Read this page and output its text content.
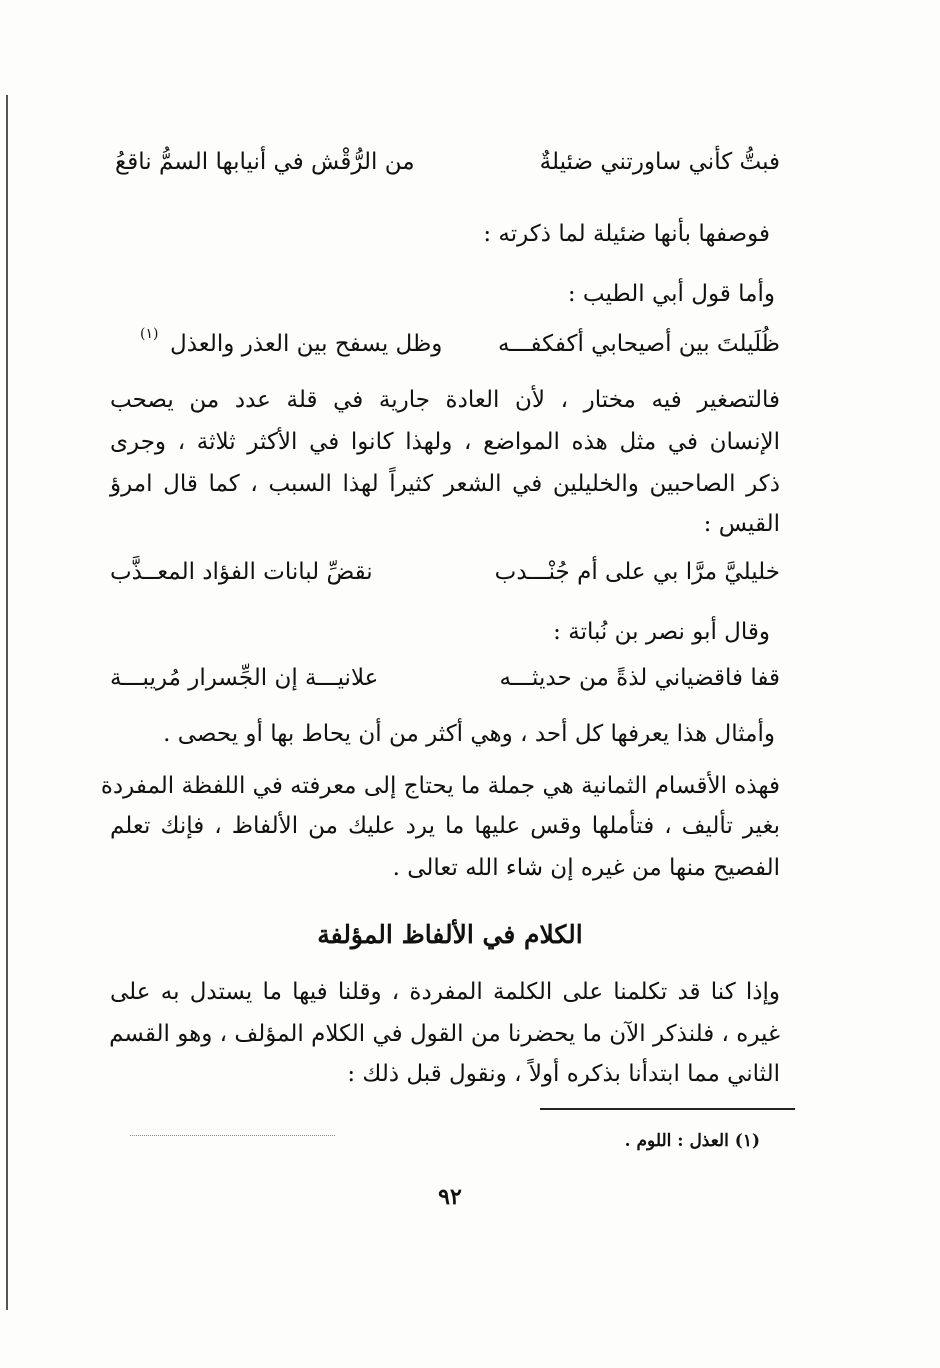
فبتُّ كأني ساورتني ضئيلةٌ
من الرُّقْش في أنيابها السمُّ ناقعُ
فوصفها بأنها ضئيلة لما ذكرته :
وأما قول أبي الطيب :
ظُلَيلتَ بين أصيحابي أكفكفـــه
وظل يسفح بين العذر والعذل
(١)
فالتصغير فيه مختار ، لأن العادة جارية في قلة عدد من يصحب
الإنسان في مثل هذه المواضع ، ولهذا كانوا في الأكثر ثلاثة ، وجرى
ذكر الصاحبين والخليلين في الشعر كثيراً لهذا السبب ، كما قال امرؤ
القيس :
خليليَّ مرَّا بي على أم جُنْـــدب
نقضِّ لبانات الفؤاد المعــذَّب
وقال أبو نصر بن نُباتة :
قفا فاقضياني لذةً من حديثـــه
علانيـــة إن الجِّسرار مُريبـــة
وأمثال هذا يعرفها كل أحد ، وهي أكثر من أن يحاط بها أو يحصى .
فهذه الأقسام الثمانية هي جملة ما يحتاج إلى معرفته في اللفظة المفردة
بغير تأليف ، فتأملها وقس عليها ما يرد عليك من الألفاظ ، فإنك تعلم
الفصيح منها من غيره إن شاء الله تعالى .
الكلام في الألفاظ المؤلفة
وإذا كنا قد تكلمنا على الكلمة المفردة ، وقلنا فيها ما يستدل به على
غيره ، فلنذكر الآن ما يحضرنا من القول في الكلام المؤلف ، وهو القسم
الثاني مما ابتدأنا بذكره أولاً ، ونقول قبل ذلك :
(١) العذل : اللوم .
٩٢
